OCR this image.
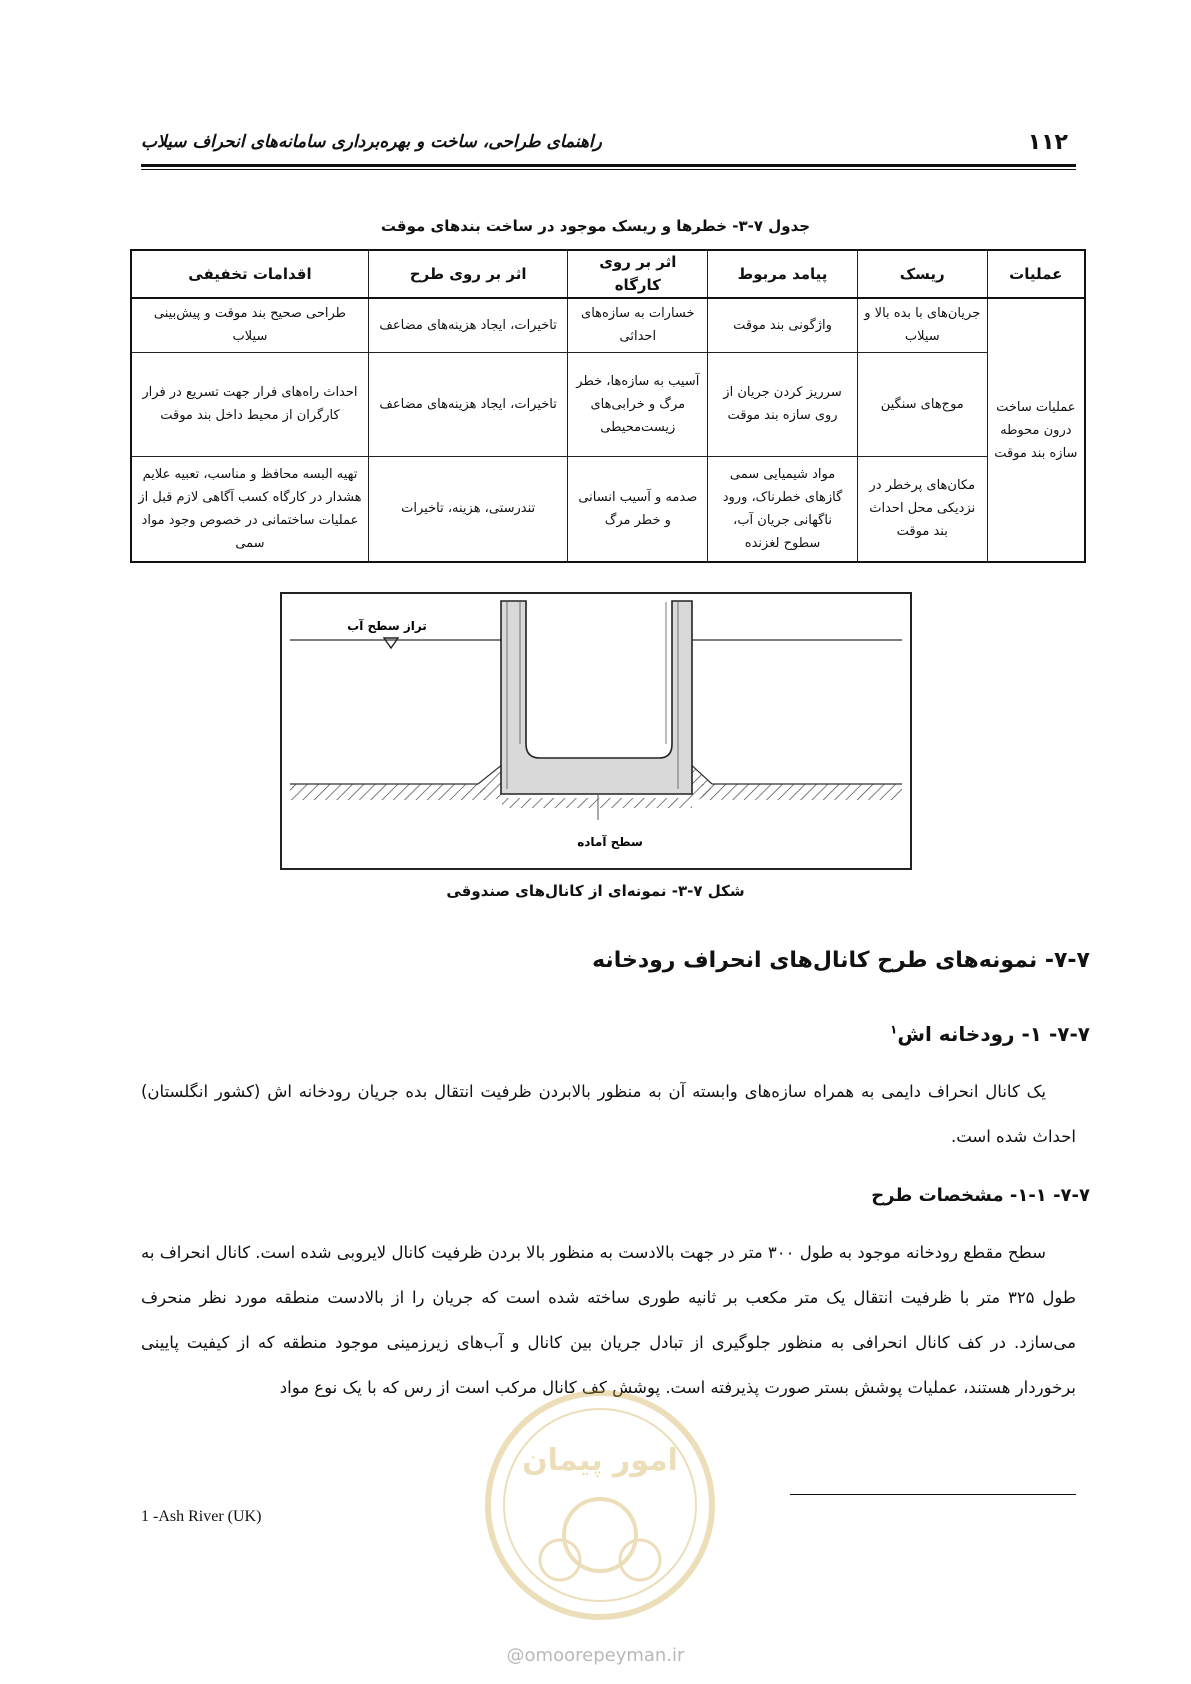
۱۱۲
راهنمای طراحی، ساخت و بهره‌برداری سامانه‌های انحراف سیلاب
جدول ۷-۳- خطرها و ریسک موجود در ساخت بندهای موقت
عملیات	ریسک	پیامد مربوط	اثر بر روی کارگاه	اثر بر روی طرح	اقدامات تخفیفی
عملیات ساخت درون محوطه سازه بند موقت	جریان‌های با بده بالا و سیلاب	واژگونی بند موقت	خسارات به سازه‌های احداثی	تاخیرات، ایجاد هزینه‌های مضاعف	طراحی صحیح بند موقت و پیش‌بینی سیلاب
	موج‌های سنگین	سرریز کردن جریان از روی سازه بند موقت	آسیب به سازه‌ها، خطر مرگ و خرابی‌های زیست‌محیطی	تاخیرات، ایجاد هزینه‌های مضاعف	احداث راه‌های فرار جهت تسریع در فرار کارگران از محیط داخل بند موقت
	مکان‌های پرخطر در نزدیکی محل احداث بند موقت	مواد شیمیایی سمی گازهای خطرناک، ورود ناگهانی جریان آب، سطوح لغزنده	صدمه و آسیب انسانی و خطر مرگ	تندرستی، هزینه، تاخیرات	تهیه البسه محافظ و مناسب، تعبیه علایم هشدار در کارگاه کسب آگاهی لازم قبل از عملیات ساختمانی در خصوص وجود مواد سمی
تراز سطح آب
سطح آماده
شکل ۷-۳- نمونه‌ای از کانال‌های صندوقی
۷-۷- نمونه‌های طرح کانال‌های انحراف رودخانه
۷-۷- ۱- رودخانه اش$^۱$
یک کانال انحراف دایمی به همراه سازه‌های وابسته آن به منظور بالابردن ظرفیت انتقال بده جریان رودخانه اش (کشور انگلستان) احداث شده است.
۷-۷- ۱-۱- مشخصات طرح
سطح مقطع رودخانه موجود به طول ۳۰۰ متر در جهت بالادست به منظور بالا بردن ظرفیت کانال لایروبی شده است. کانال انحراف به طول ۳۲۵ متر با ظرفیت انتقال یک متر مکعب بر ثانیه طوری ساخته شده است که جریان را از بالادست منطقه مورد نظر منحرف می‌سازد. در کف کانال انحرافی به منظور جلوگیری از تبادل جریان بین کانال و آب‌های زیرزمینی موجود منطقه که از کیفیت پایینی برخوردار هستند، عملیات پوشش بستر صورت پذیرفته است. پوشش کف کانال مرکب است از رس که با یک نوع مواد
امور پیمان
1 -Ash River (UK)
@omoorepeyman.ir
